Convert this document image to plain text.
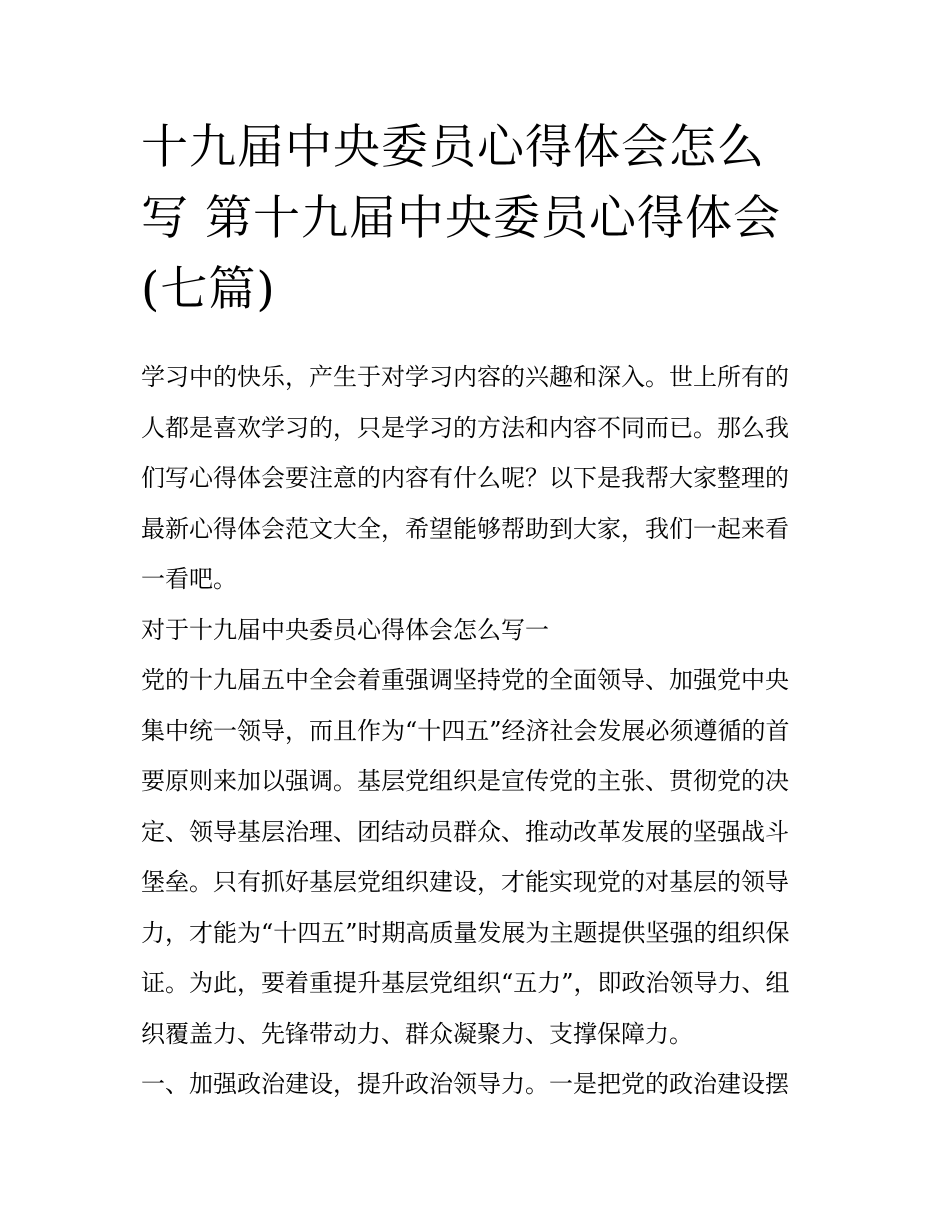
十九届中央委员心得体会怎么
写 第十九届中央委员心得体会
(七篇)
学习中的快乐，产生于对学习内容的兴趣和深入。世上所有的
人都是喜欢学习的，只是学习的方法和内容不同而已。那么我
们写心得体会要注意的内容有什么呢？以下是我帮大家整理的
最新心得体会范文大全，希望能够帮助到大家，我们一起来看
一看吧。
对于十九届中央委员心得体会怎么写一
党的十九届五中全会着重强调坚持党的全面领导、加强党中央
集中统一领导，而且作为“十四五”经济社会发展必须遵循的首
要原则来加以强调。基层党组织是宣传党的主张、贯彻党的决
定、领导基层治理、团结动员群众、推动改革发展的坚强战斗
堡垒。只有抓好基层党组织建设，才能实现党的对基层的领导
力，才能为“十四五”时期高质量发展为主题提供坚强的组织保
证。为此，要着重提升基层党组织“五力”，即政治领导力、组
织覆盖力、先锋带动力、群众凝聚力、支撑保障力。
一、加强政治建设，提升政治领导力。一是把党的政治建设摆
